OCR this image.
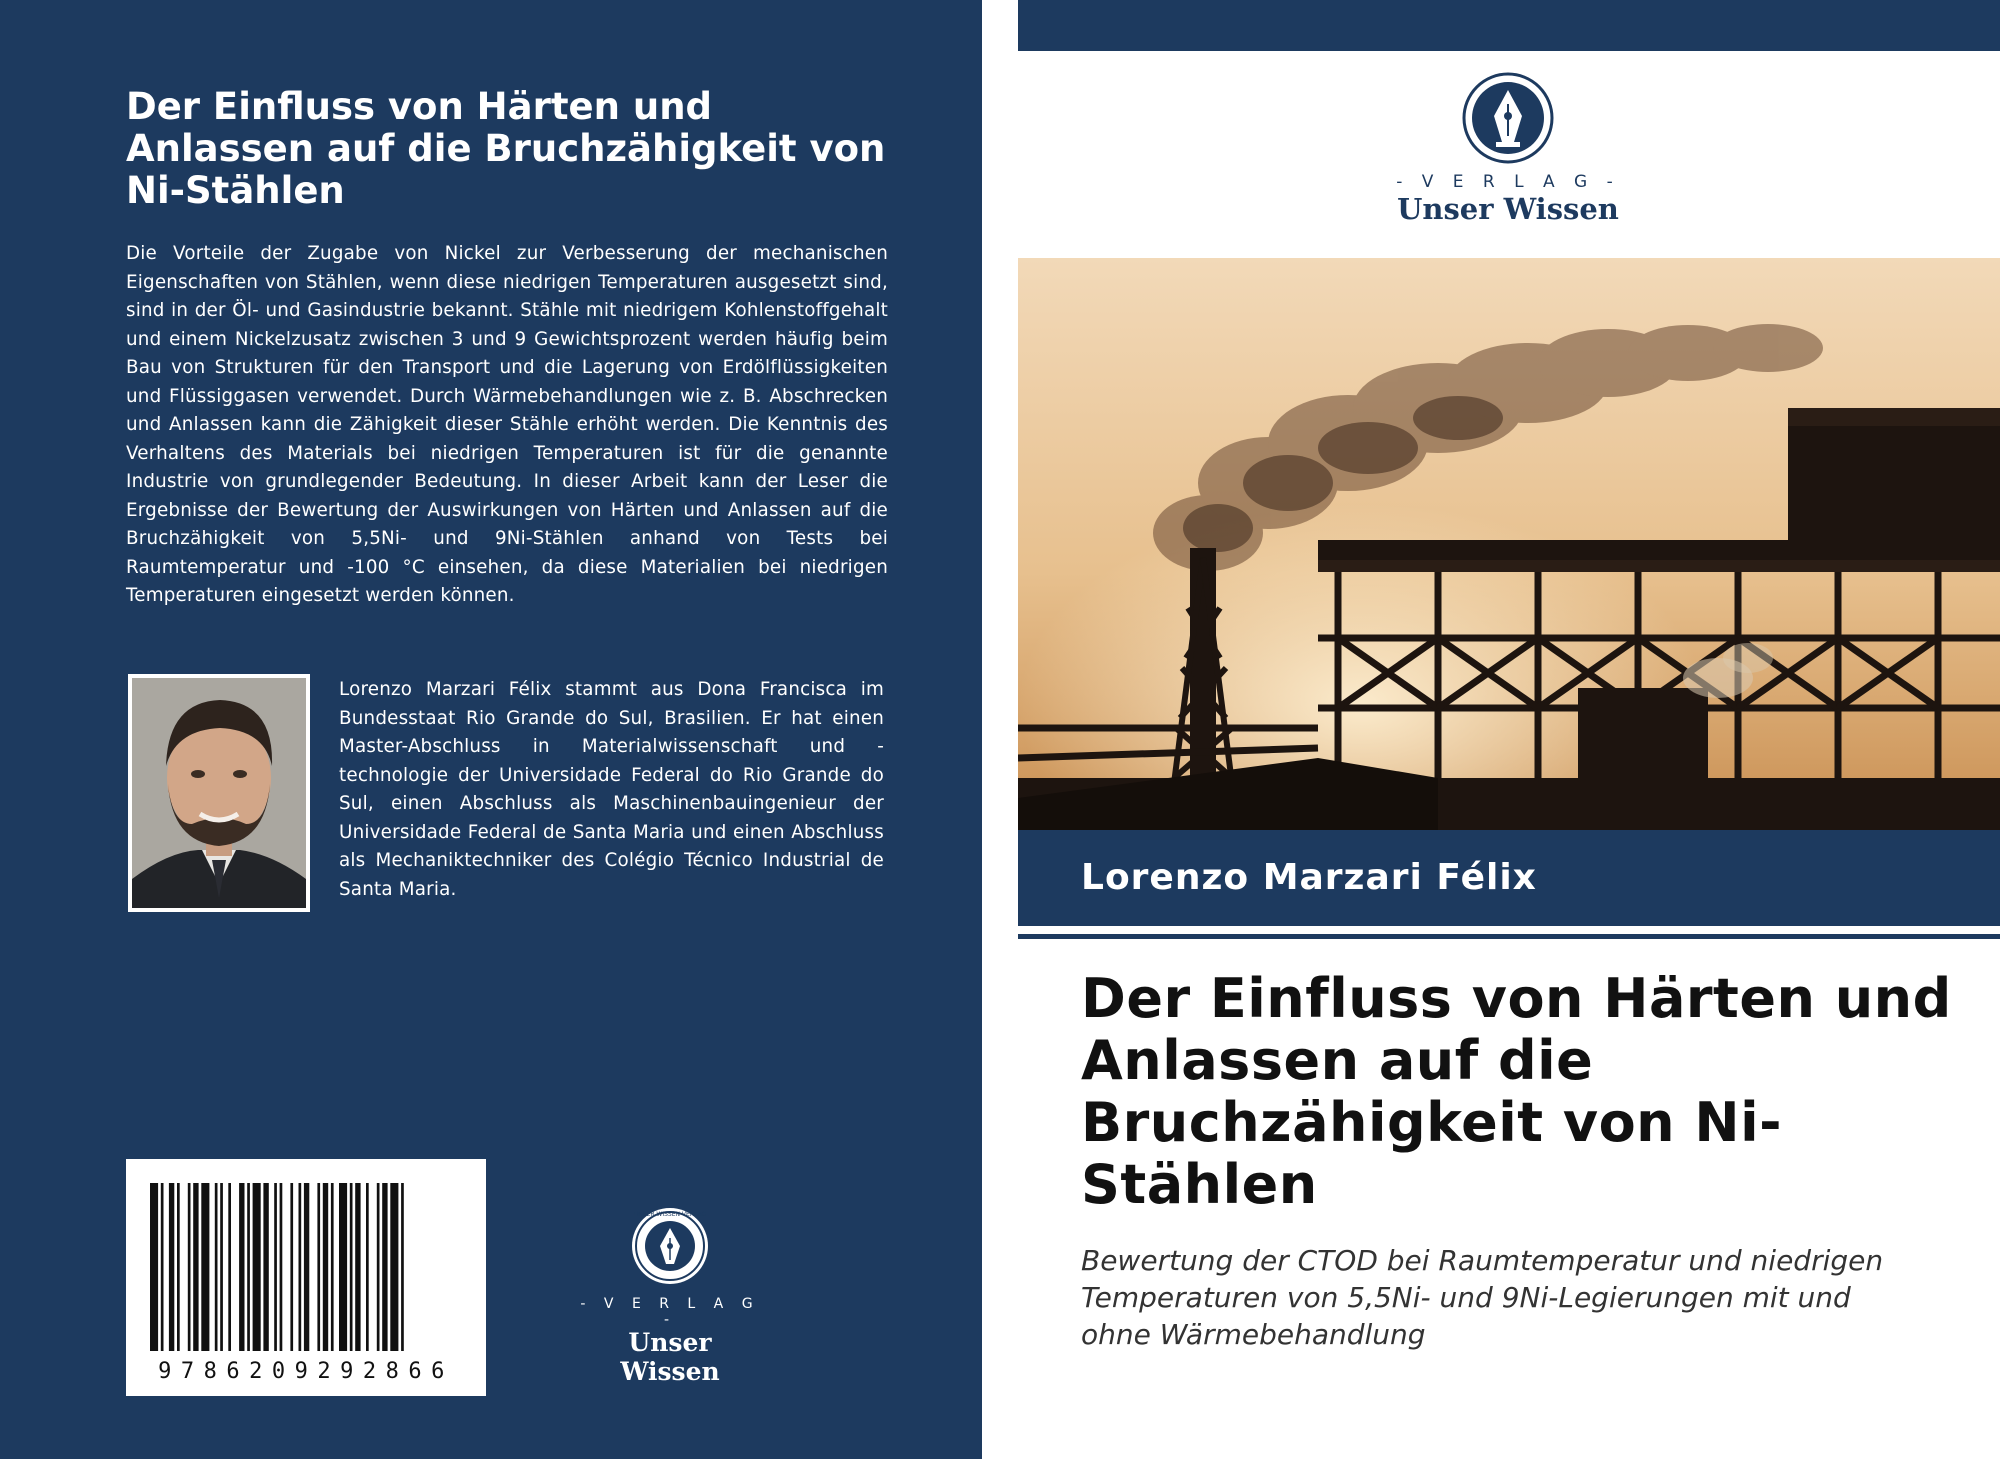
Der Einfluss von Härten und Anlassen auf die Bruchzähigkeit von Ni-Stählen

Die Vorteile der Zugabe von Nickel zur Verbesserung der mechanischen Eigenschaften von Stählen, wenn diese niedrigen Temperaturen ausgesetzt sind, sind in der Öl- und Gasindustrie bekannt. Stähle mit niedrigem Kohlenstoffgehalt und einem Nickelzusatz zwischen 3 und 9 Gewichtsprozent werden häufig beim Bau von Strukturen für den Transport und die Lagerung von Erdölflüssigkeiten und Flüssiggasen verwendet. Durch Wärmebehandlungen wie z. B. Abschrecken und Anlassen kann die Zähigkeit dieser Stähle erhöht werden. Die Kenntnis des Verhaltens des Materials bei niedrigen Temperaturen ist für die genannte Industrie von grundlegender Bedeutung. In dieser Arbeit kann der Leser die Ergebnisse der Bewertung der Auswirkungen von Härten und Anlassen auf die Bruchzähigkeit von 5,5Ni- und 9Ni-Stählen anhand von Tests bei Raumtemperatur und -100 °C einsehen, da diese Materialien bei niedrigen Temperaturen eingesetzt werden können.

Lorenzo Marzari Félix stammt aus Dona Francisca im Bundesstaat Rio Grande do Sul, Brasilien. Er hat einen Master-Abschluss in Materialwissenschaft und -technologie der Universidade Federal do Rio Grande do Sul, einen Abschluss als Maschinenbauingenieur der Universidade Federal de Santa Maria und einen Abschluss als Mechaniktechniker des Colégio Técnico Industrial de Santa Maria.

9786209292866
UNSER WISSEN VERLAG
- V E R L A G -
Unser Wissen
- V E R L A G -
Unser Wissen

Lorenzo Marzari Félix

Der Einfluss von Härten und Anlassen auf die Bruchzähigkeit von Ni-Stählen

Bewertung der CTOD bei Raumtemperatur und niedrigen Temperaturen von 5,5Ni- und 9Ni-Legierungen mit und ohne Wärmebehandlung
